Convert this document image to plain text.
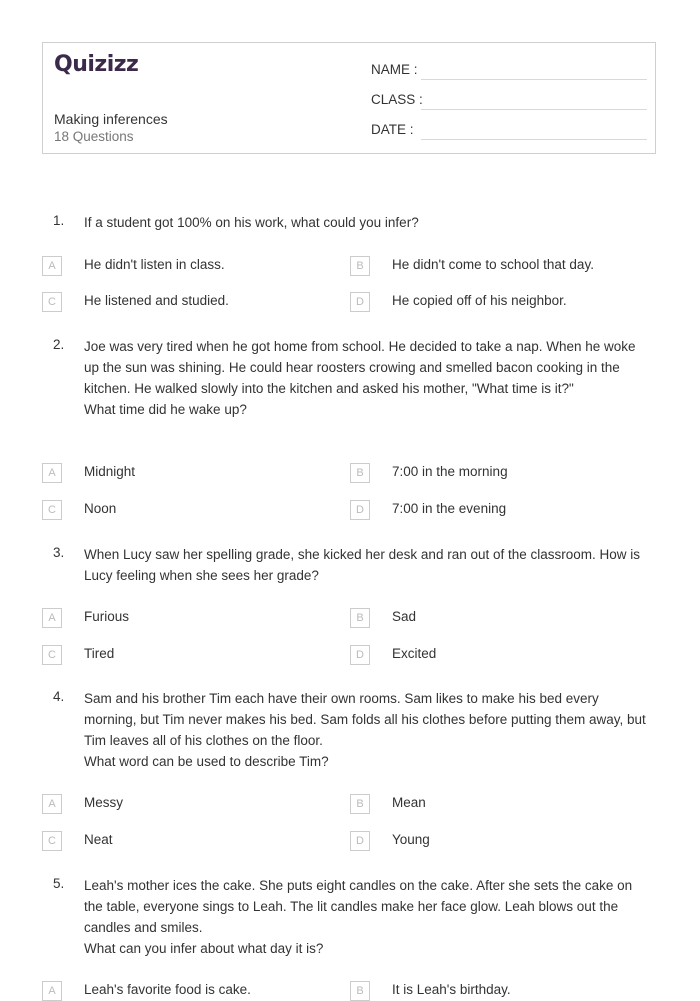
Quizizz
Making inferences
18 Questions
NAME :
CLASS :
DATE :
1. If a student got 100% on his work, what could you infer?

A	He didn't listen in class.	B	He didn't come to school that day.
C	He listened and studied.	D	He copied off of his neighbor.
2. Joe was very tired when he got home from school. He decided to take a nap. When he woke up the sun was shining. He could hear roosters crowing and smelled bacon cooking in the kitchen. He walked slowly into the kitchen and asked his mother, "What time is it?"

What time did he wake up?

A	Midnight	B	7:00 in the morning
C	Noon	D	7:00 in the evening
3. When Lucy saw her spelling grade, she kicked her desk and ran out of the classroom. How is Lucy feeling when she sees her grade?

A	Furious	B	Sad
C	Tired	D	Excited
4. Sam and his brother Tim each have their own rooms. Sam likes to make his bed every morning, but Tim never makes his bed. Sam folds all his clothes before putting them away, but Tim leaves all of his clothes on the floor.

What word can be used to describe Tim?

A	Messy	B	Mean
C	Neat	D	Young
5. Leah's mother ices the cake. She puts eight candles on the cake. After she sets the cake on the table, everyone sings to Leah. The lit candles make her face glow. Leah blows out the candles and smiles.

What can you infer about what day it is?

A	Leah's favorite food is cake.	B	It is Leah's birthday.
